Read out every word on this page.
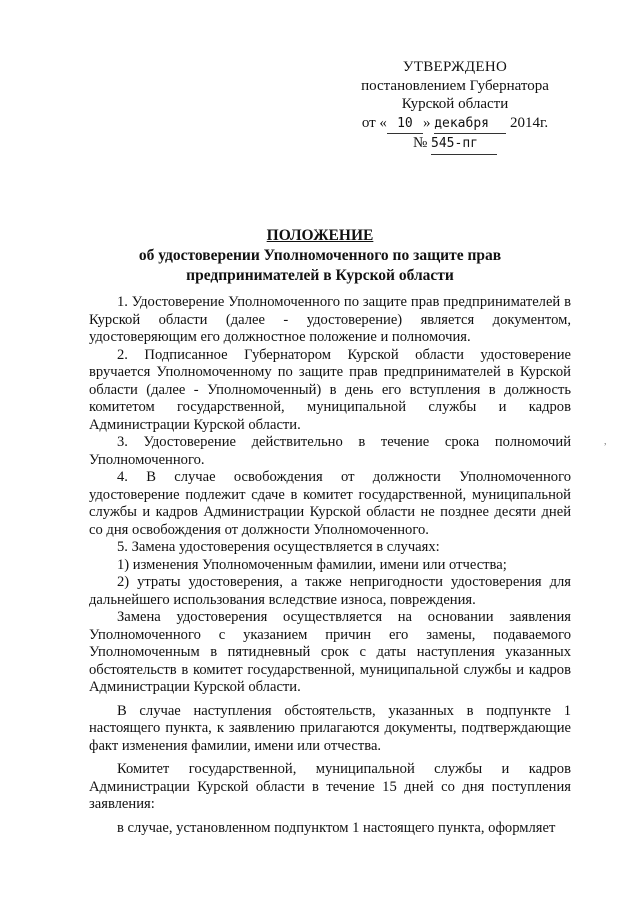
УТВЕРЖДЕНО
постановлением Губернатора
Курской области
от « 10 » декабря 2014г.
№ 545-пг
ПОЛОЖЕНИЕ
об удостоверении Уполномоченного по защите прав
предпринимателей в Курской области

1. Удостоверение Уполномоченного по защите прав предпринимателей в Курской области (далее - удостоверение) является документом, удостоверяющим его должностное положение и полномочия.

2. Подписанное Губернатором Курской области удостоверение вручается Уполномоченному по защите прав предпринимателей в Курской области (далее - Уполномоченный) в день его вступления в должность комитетом государственной, муниципальной службы и кадров Администрации Курской области.

3. Удостоверение действительно в течение срока полномочий Уполномоченного.

4. В случае освобождения от должности Уполномоченного удостоверение подлежит сдаче в комитет государственной, муниципальной службы и кадров Администрации Курской области не позднее десяти дней со дня освобождения от должности Уполномоченного.

5. Замена удостоверения осуществляется в случаях:

1) изменения Уполномоченным фамилии, имени или отчества;

2) утраты удостоверения, а также непригодности удостоверения для дальнейшего использования вследствие износа, повреждения.

Замена удостоверения осуществляется на основании заявления Уполномоченного с указанием причин его замены, подаваемого Уполномоченным в пятидневный срок с даты наступления указанных обстоятельств в комитет государственной, муниципальной службы и кадров Администрации Курской области.

В случае наступления обстоятельств, указанных в подпункте 1 настоящего пункта, к заявлению прилагаются документы, подтверждающие факт изменения фамилии, имени или отчества.

Комитет государственной, муниципальной службы и кадров Администрации Курской области в течение 15 дней со дня поступления заявления:

в случае, установленном подпунктом 1 настоящего пункта, оформляет

,
